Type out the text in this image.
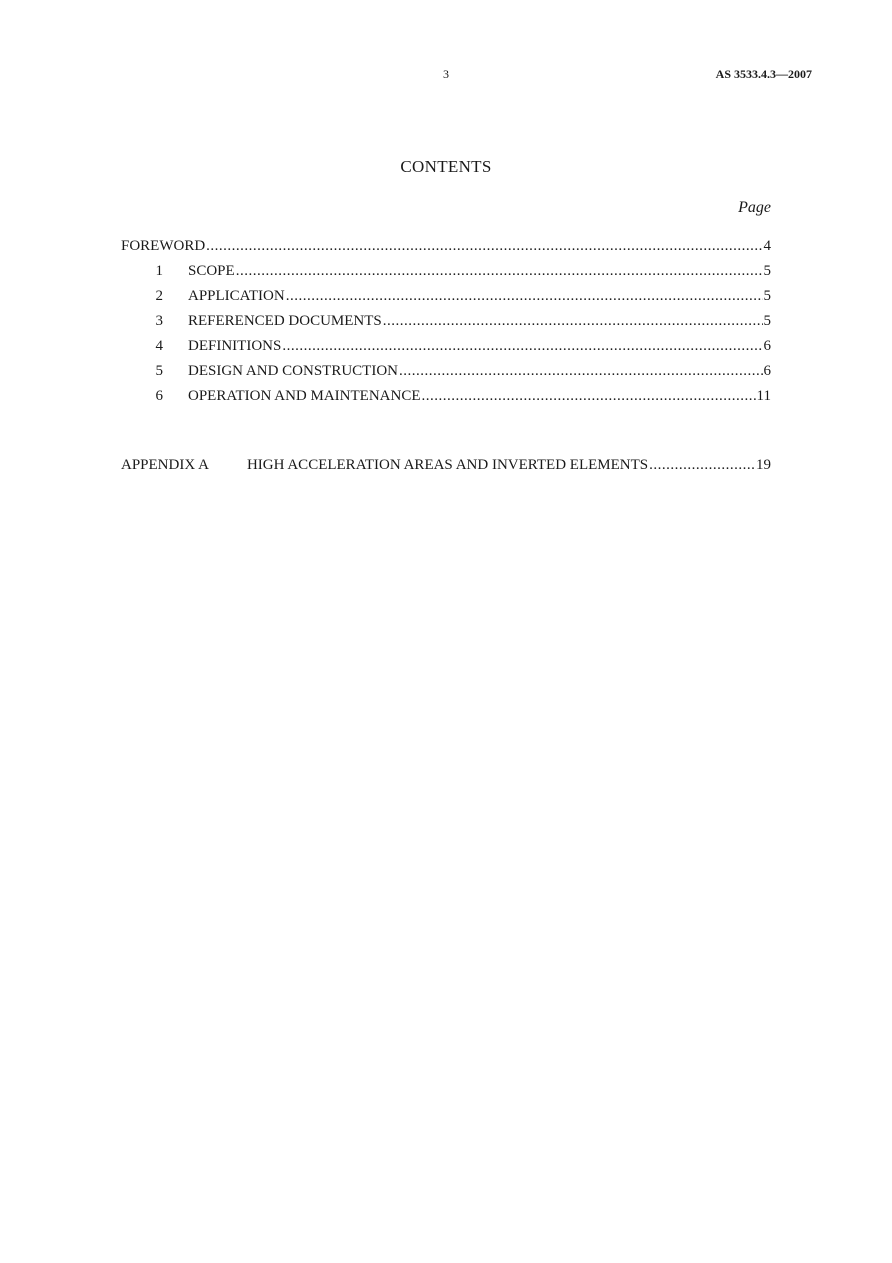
3	AS 3533.4.3—2007
CONTENTS
Page
FOREWORD .....	4
1	SCOPE .....	5
2	APPLICATION .....	5
3	REFERENCED DOCUMENTS .....	5
4	DEFINITIONS .....	6
5	DESIGN AND CONSTRUCTION .....	6
6	OPERATION AND MAINTENANCE .....	11
APPENDIX A	HIGH ACCELERATION AREAS AND INVERTED ELEMENTS .....	19
